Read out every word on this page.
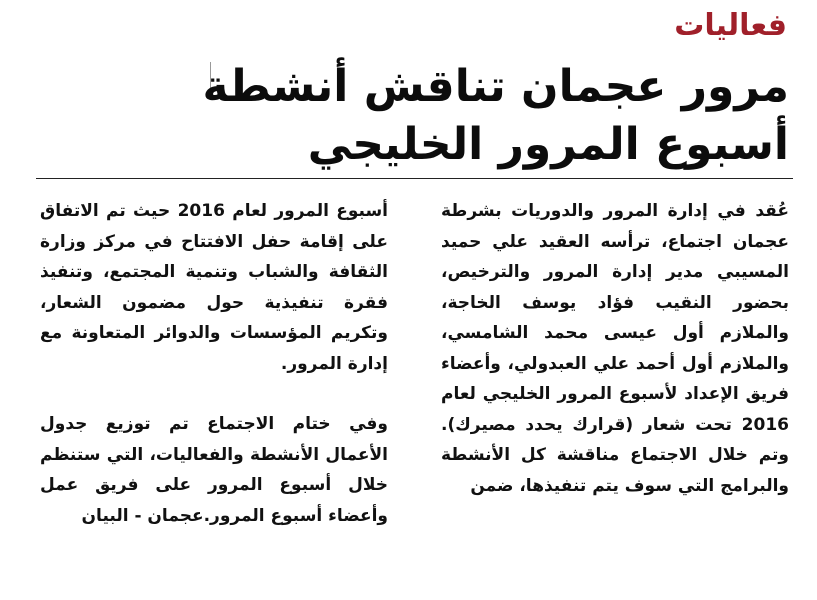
فعاليات
مرور عجمان تناقش أنشطة أسبوع المرور الخليجي

عُقد في إدارة المرور والدوريات بشرطة عجمان اجتماع، ترأسه العقيد علي حميد المسيبي مدير إدارة المرور والترخيص، بحضور النقيب فؤاد يوسف الخاجة، والملازم أول عيسى محمد الشامسي، والملازم أول أحمد علي العبدولي، وأعضاء فريق الإعداد لأسبوع المرور الخليجي لعام 2016 تحت شعار (قرارك يحدد مصيرك). وتم خلال الاجتماع مناقشة كل الأنشطة والبرامج التي سوف يتم تنفيذها، ضمن

أسبوع المرور لعام 2016 حيث تم الاتفاق على إقامة حفل الافتتاح في مركز وزارة الثقافة والشباب وتنمية المجتمع، وتنفيذ فقرة تنفيذية حول مضمون الشعار، وتكريم المؤسسات والدوائر المتعاونة مع إدارة المرور.

وفي ختام الاجتماع تم توزيع جدول الأعمال الأنشطة والفعاليات، التي ستنظم خلال أسبوع المرور على فريق عمل وأعضاء أسبوع المرور.عجمان - البيان
